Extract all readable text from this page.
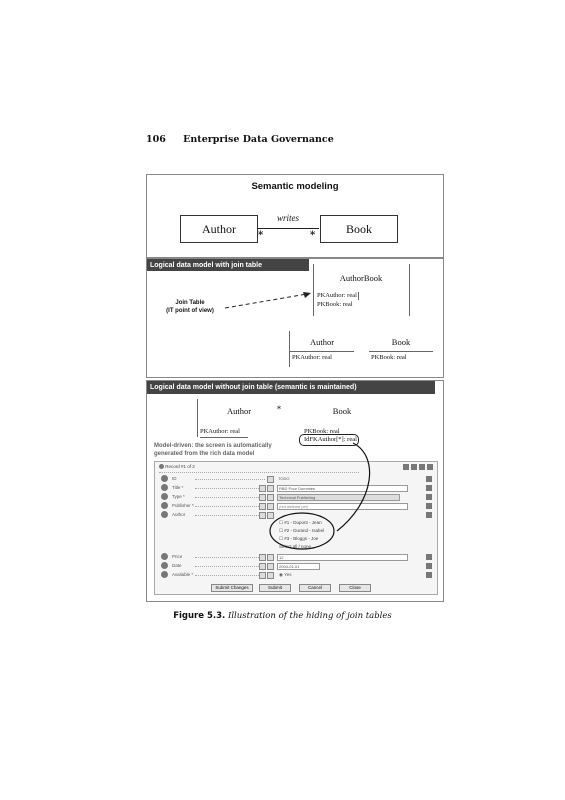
106 Enterprise Data Governance
Semantic modeling
Author	Book
writes
*	*
Logical data model with join table
Join Table
(IT point of view)
AuthorBook
PKAuthor: real
PKBook: real
Author
PKAuthor: real
Book
PKBook: real
Logical data model without join table (semantic is maintained)
Author	*
PKAuthor: real
Book
PKBook: real
IdFKAuthor[*]: real
Model-driven: the screen is automatically
generated from the rich data model
Record #1 of 2
ID	TODO
Title *	RBD Pour Dummies
Type *	Technical Publishing
Publisher *	(not defined yet)
Author
☐ #1 - Dupont - Jean
☐ #2 - Durand - Isabel
☐ #3 - Bloggs - Joe
Select all / none
Price	12
Date	2004-01-01
Available *	◉ Yes
Submit Changes	Submit	Cancel	Close
Figure 5.3. Illustration of the hiding of join tables
